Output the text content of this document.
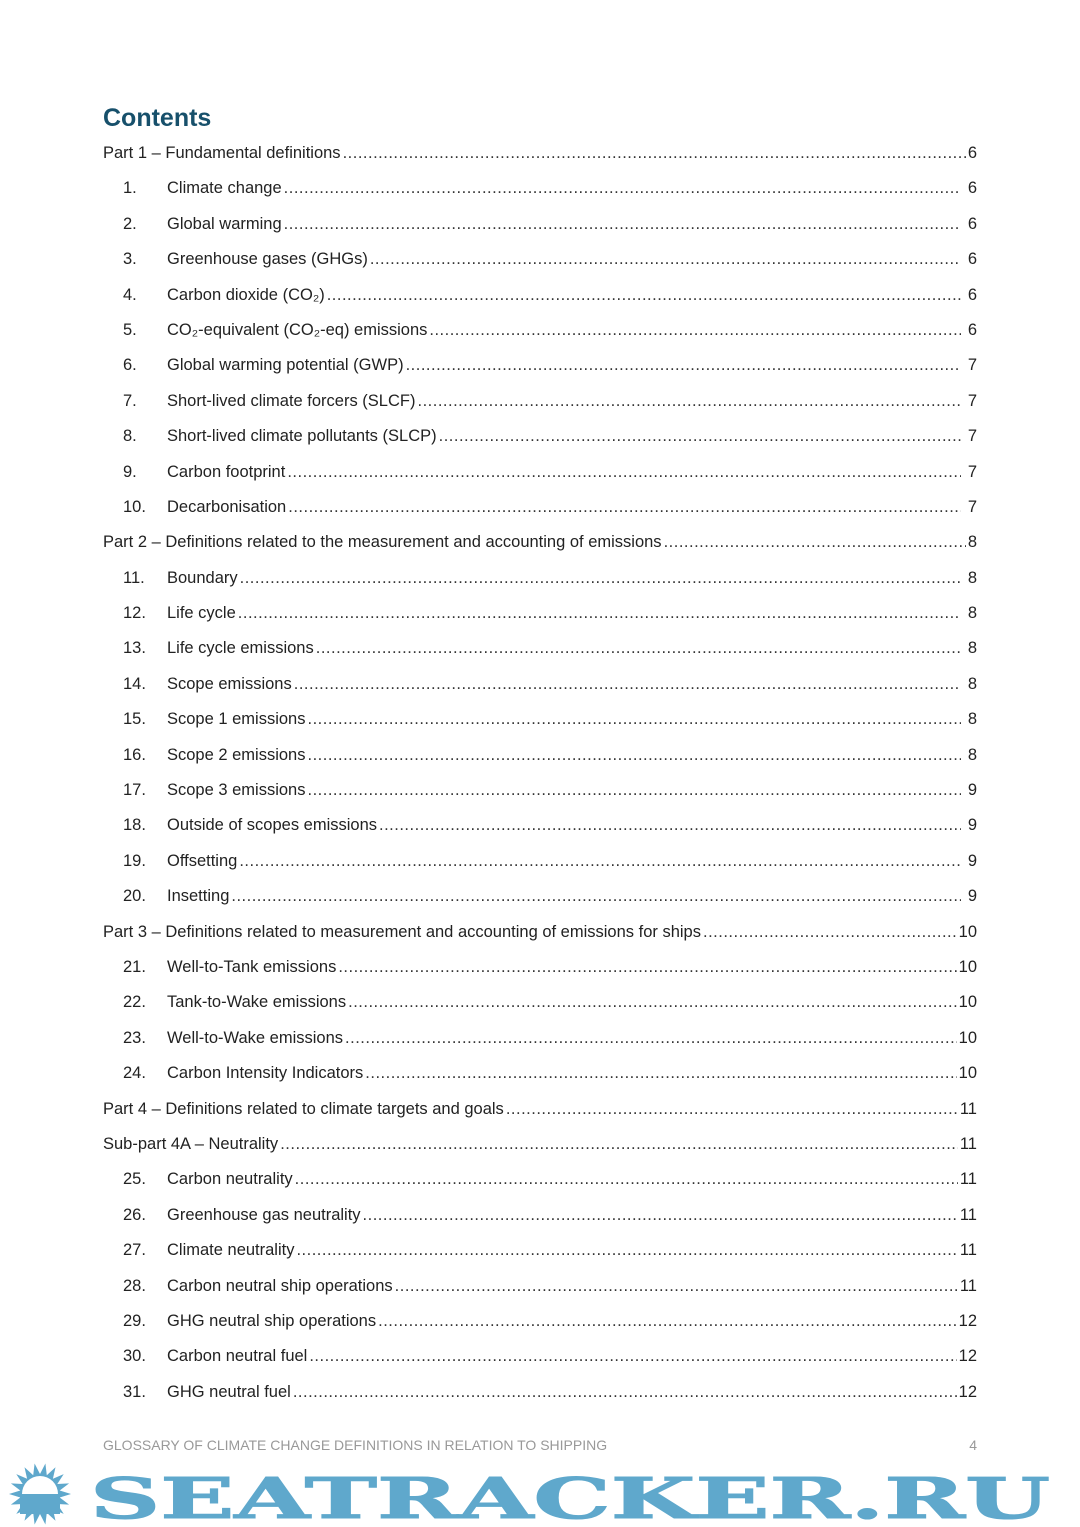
Contents
Part 1 – Fundamental definitions .....	6
1.	Climate change .....	6
2.	Global warming .....	6
3.	Greenhouse gases (GHGs) .....	6
4.	Carbon dioxide (CO₂) .....	6
5.	CO₂-equivalent (CO₂-eq) emissions .....	6
6.	Global warming potential (GWP) .....	7
7.	Short-lived climate forcers (SLCF) .....	7
8.	Short-lived climate pollutants (SLCP) .....	7
9.	Carbon footprint .....	7
10.	Decarbonisation .....	7
Part 2 – Definitions related to the measurement and accounting of emissions .....	8
11.	Boundary .....	8
12.	Life cycle .....	8
13.	Life cycle emissions .....	8
14.	Scope emissions .....	8
15.	Scope 1 emissions .....	8
16.	Scope 2 emissions .....	8
17.	Scope 3 emissions .....	9
18.	Outside of scopes emissions .....	9
19.	Offsetting .....	9
20.	Insetting .....	9
Part 3 – Definitions related to measurement and accounting of emissions for ships .....	10
21.	Well-to-Tank emissions .....	10
22.	Tank-to-Wake emissions .....	10
23.	Well-to-Wake emissions .....	10
24.	Carbon Intensity Indicators .....	10
Part 4 – Definitions related to climate targets and goals .....	11
Sub-part 4A – Neutrality .....	11
25.	Carbon neutrality .....	11
26.	Greenhouse gas neutrality .....	11
27.	Climate neutrality .....	11
28.	Carbon neutral ship operations .....	11
29.	GHG neutral ship operations .....	12
30.	Carbon neutral fuel .....	12
31.	GHG neutral fuel .....	12
GLOSSARY OF CLIMATE CHANGE DEFINITIONS IN RELATION TO SHIPPING	4
SEATRACKER.RU
